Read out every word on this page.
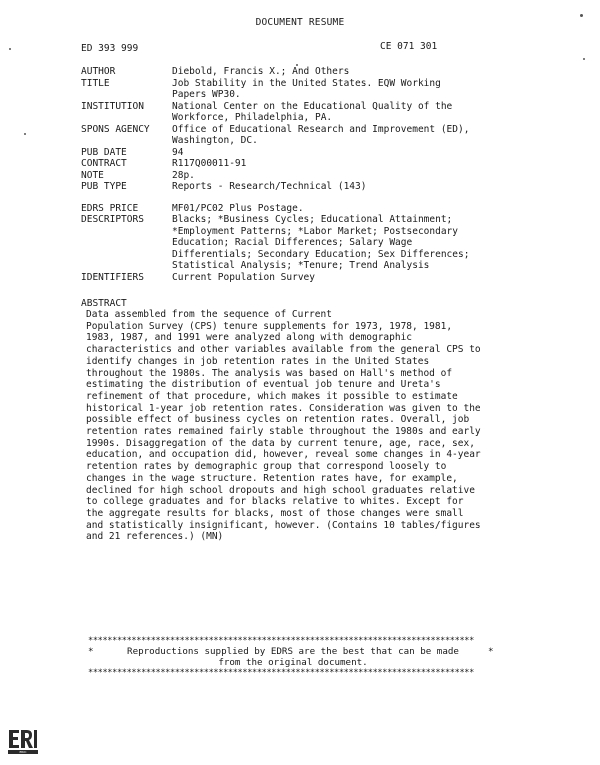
DOCUMENT RESUME
ED 393 999	CE 071 301
AUTHOR	Diebold, Francis X.; And Others
TITLE	Job Stability in the United States. EQW Working
Papers WP30.
INSTITUTION	National Center on the Educational Quality of the
Workforce, Philadelphia, PA.
SPONS AGENCY	Office of Educational Research and Improvement (ED),
Washington, DC.
PUB DATE	94
CONTRACT	R117Q00011-91
NOTE	28p.
PUB TYPE	Reports - Research/Technical (143)
EDRS PRICE	MF01/PC02 Plus Postage.
DESCRIPTORS	Blacks; *Business Cycles; Educational Attainment;
*Employment Patterns; *Labor Market; Postsecondary
Education; Racial Differences; Salary Wage
Differentials; Secondary Education; Sex Differences;
Statistical Analysis; *Tenure; Trend Analysis
IDENTIFIERS	Current Population Survey
ABSTRACT
Data assembled from the sequence of Current
Population Survey (CPS) tenure supplements for 1973, 1978, 1981,
1983, 1987, and 1991 were analyzed along with demographic
characteristics and other variables available from the general CPS to
identify changes in job retention rates in the United States
throughout the 1980s. The analysis was based on Hall's method of
estimating the distribution of eventual job tenure and Ureta's
refinement of that procedure, which makes it possible to estimate
historical 1-year job retention rates. Consideration was given to the
possible effect of business cycles on retention rates. Overall, job
retention rates remained fairly stable throughout the 1980s and early
1990s. Disaggregation of the data by current tenure, age, race, sex,
education, and occupation did, however, reveal some changes in 4-year
retention rates by demographic group that correspond loosely to
changes in the wage structure. Retention rates have, for example,
declined for high school dropouts and high school graduates relative
to college graduates and for blacks relative to whites. Except for
the aggregate results for blacks, most of those changes were small
and statistically insignificant, however. (Contains 10 tables/figures
and 21 references.) (MN)
********************************************************************************
*	Reproductions supplied by EDRS are the best that can be made
from the original document.
*
********************************************************************************
ERIC
